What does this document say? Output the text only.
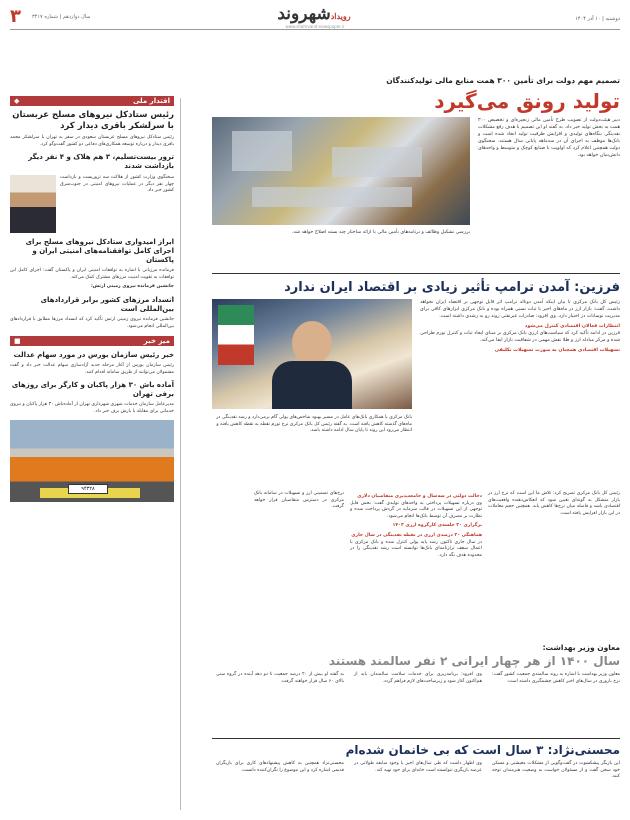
۳ سال دوازدهم | شماره ۳۴۱۷	رویدادشهروند
www.shahrvand-newspaper.ir
دوشنبه | ۱۰ آذر ۱۴۰۴
تصمیم مهم دولت برای تأمین ۳۰۰ همت منابع مالی تولیدکنندگان
تولید رونق می‌گیرد
بررسی تشکیل وظائف و برنامه‌های تأمین مالی با ارائه ساختار چند بسته اصلاح خواهد شد.
دبیر هیئت‌دولت از تصویب طرح تأمین مالی زنجیره‌ای و تخصیص ۳۰۰ همت به بخش تولید خبر داد. به گفته او این تصمیم با هدف رفع مشکلات نقدینگی بنگاه‌های تولیدی و افزایش ظرفیت تولید اتخاذ شده است و بانک‌ها موظف به اجرای آن در سه‌ماهه پایانی سال هستند. سخنگوی دولت همچنین اعلام کرد که اولویت با صنایع کوچک و متوسط و واحدهای دانش‌بنیان خواهد بود.
فرزین: آمدن ترامپ تأثیر زیادی بر اقتصاد ایران ندارد
بانک مرکزی با همکاری بانک‌های عامل در مسیر بهبود شاخص‌های پولی گام برمی‌دارد و رشد نقدینگی در ماه‌های گذشته کاهش یافته است. به گفته رئیس کل بانک مرکزی نرخ تورم نقطه به نقطه کاهش یافته و انتظار می‌رود این روند تا پایان سال ادامه داشته باشد.
رئیس کل بانک مرکزی با بیان اینکه آمدن دونالد ترامپ اثر قابل توجهی بر اقتصاد ایران نخواهد داشت، گفت: بازار ارز در ماه‌های اخیر با ثبات نسبی همراه بوده و بانک مرکزی ابزارهای کافی برای مدیریت نوسانات در اختیار دارد. وی افزود: صادرات غیرنفتی روند رو به رشدی داشته است.
انتظارات فعالان اقتصادی کنترل می‌شود
فرزین در ادامه تأکید کرد که سیاست‌های ارزی بانک مرکزی بر مبنای ایجاد ثبات و کنترل تورم طراحی شده و مرکز مبادله ارز و طلا نقش مهمی در شفافیت بازار ایفا می‌کند.
تسهیلات اقتصادی همچنان به صورت تسهیلات تکلیفی
رئیس کل بانک مرکزی تصریح کرد: تلاش ما این است که نرخ ارز در بازار متشکل به گونه‌ای تعیین شود که انعکاس‌دهنده واقعیت‌های اقتصادی باشد و فاصله میان نرخ‌ها کاهش یابد. همچنین حجم معاملات در این بازار افزایش یافته است.
دخالت دولتی در سه‌سال و جامعه‌پذیری متقاضیان دلاری
وی درباره تسهیلات پرداختی به واحدهای تولیدی گفت: بخش قابل توجهی از این تسهیلات در قالب سرمایه در گردش پرداخت شده و نظارت بر مصرف آن توسط بانک‌ها انجام می‌شود.
برگزاری ۳۰ جلسه‌ی کارگروه ارزی ۱۴۰۳
هماهنگی ۳۰ درصدی ارزی در نقطه نقدینگی در سال جاری
در سال جاری تاکنون رشد پایه پولی کنترل شده و بانک مرکزی با اعمال سقف ترازنامه‌ای بانک‌ها توانسته است رشد نقدینگی را در محدوده هدف نگه دارد.
نرخ‌های تضمینی ارز و تسهیلات در سامانه بانک مرکزی در دسترس متقاضیان قرار خواهد گرفت.
معاون وزیر بهداشت:
سال ۱۴۰۰ از هر چهار ایرانی ۲ نفر سالمند هستند
معاون وزیر بهداشت با اشاره به روند سالمندی جمعیت کشور گفت: نرخ باروری در سال‌های اخیر کاهش چشمگیری داشته است.
وی افزود: برنامه‌ریزی برای خدمات سلامت سالمندان باید از هم‌اکنون آغاز شود و زیرساخت‌های لازم فراهم گردد.
به گفته او بیش از ۲۰ درصد جمعیت تا دو دهه آینده در گروه سنی بالای ۶۰ سال قرار خواهند گرفت.
محسنی‌نژاد: ۳ سال است که بی خانمان شده‌ام
این بازیگر پیشکسوت در گفت‌وگویی از مشکلات معیشتی و مسکن خود سخن گفت و از مسئولان خواست به وضعیت هنرمندان توجه کنند.
وی اظهار داشت که طی سال‌های اخیر با وجود سابقه طولانی در عرصه بازیگری نتوانسته است خانه‌ای برای خود تهیه کند.
محسنی‌نژاد همچنین به کاهش پیشنهادهای کاری برای بازیگران قدیمی اشاره کرد و این موضوع را نگران‌کننده دانست.
اقتدار ملی
◆
رئیس ستادکل نیروهای مسلح عربستان با سرلشکر باقری دیدار کرد
رئیس ستادکل نیروهای مسلح عربستان سعودی در سفر به تهران با سرلشکر محمد باقری دیدار و درباره توسعه همکاری‌های دفاعی دو کشور گفت‌وگو کرد.
ترور بیست‌تسلیم، ۳ هم هلاک و ۴ نفر دیگر بازداشت شدند
سخنگوی وزارت کشور از هلاکت سه تروریست و بازداشت چهار نفر دیگر در عملیات نیروهای امنیتی در جنوب‌شرق کشور خبر داد.
ابراز امیدواری ستادکل نیروهای مسلح برای اجرای کامل توافقنامه‌های امنیتی ایران و پاکستان
فرمانده مرزبانی با اشاره به توافقات امنیتی ایران و پاکستان گفت: اجرای کامل این توافقات به تقویت امنیت مرزهای مشترک کمک می‌کند.
جانشین فرمانده نیروی زمینی ارتش:
انسداد مرزهای کشور برابر قراردادهای بین‌المللی است
جانشین فرمانده نیروی زمینی ارتش تأکید کرد که انسداد مرزها مطابق با قراردادهای بین‌المللی انجام می‌شود.
میز خبر
■
خبر رئیس سازمان بورس در مورد سهام عدالت
رئیس سازمان بورس از آغاز مرحله جدید آزادسازی سهام عدالت خبر داد و گفت مشمولان می‌توانند از طریق سامانه اقدام کنند.
آماده باش ۳۰ هزار پاکبان و کارگر برای روزهای برفی تهران
مدیرعامل سازمان خدمات شهری شهرداری تهران از آماده‌باش ۳۰ هزار پاکبان و نیروی خدماتی برای مقابله با بارش برف خبر داد.
۹۴۳۲۸
